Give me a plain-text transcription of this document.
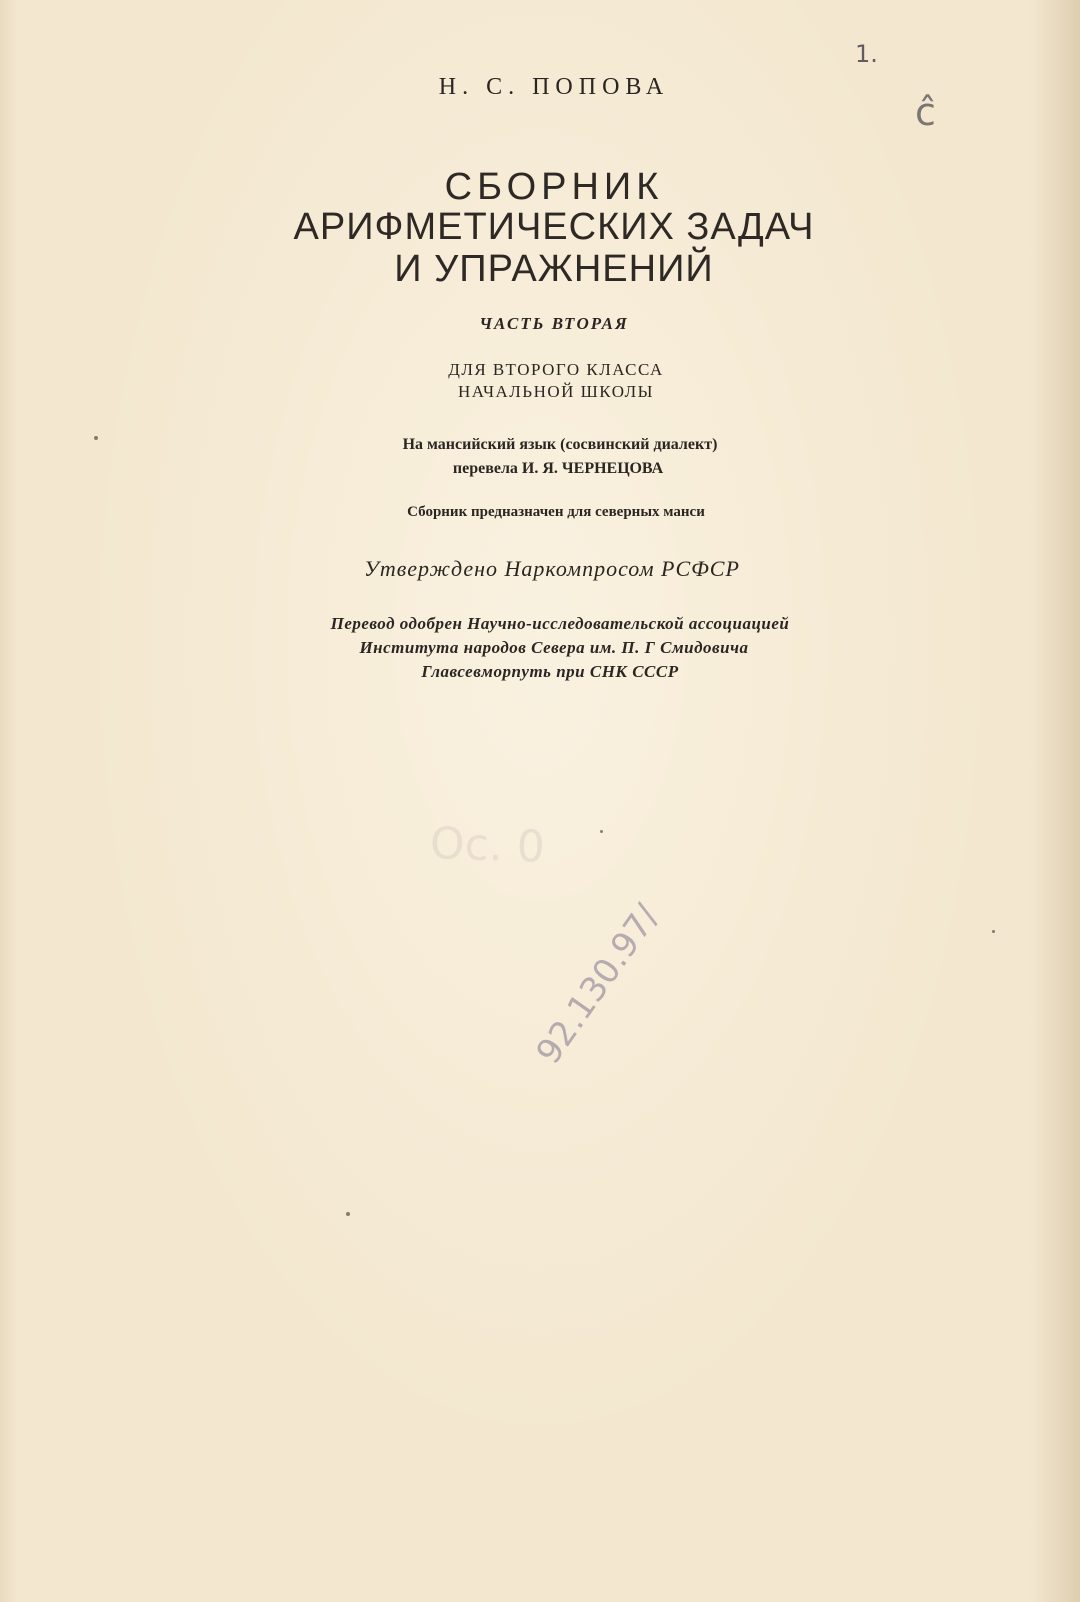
Н. С. ПОПОВА
СБОРНИК
АРИФМЕТИЧЕСКИХ ЗАДАЧ
И УПРАЖНЕНИЙ
ЧАСТЬ ВТОРАЯ
ДЛЯ ВТОРОГО КЛАССА
НАЧАЛЬНОЙ ШКОЛЫ
На мансийский язык (сосвинский диалект)
перевела И. Я. ЧЕРНЕЦОВА
Сборник предназначен для северных манси
Утверждено Наркомпросом РСФСР
Перевод одобрен Научно-исследовательской ассоциацией
Института народов Севера им. П. Г Смидовича
Главсевморпуть при СНК СССР
1.
ĉ
Ос. 0
92.130.97/
